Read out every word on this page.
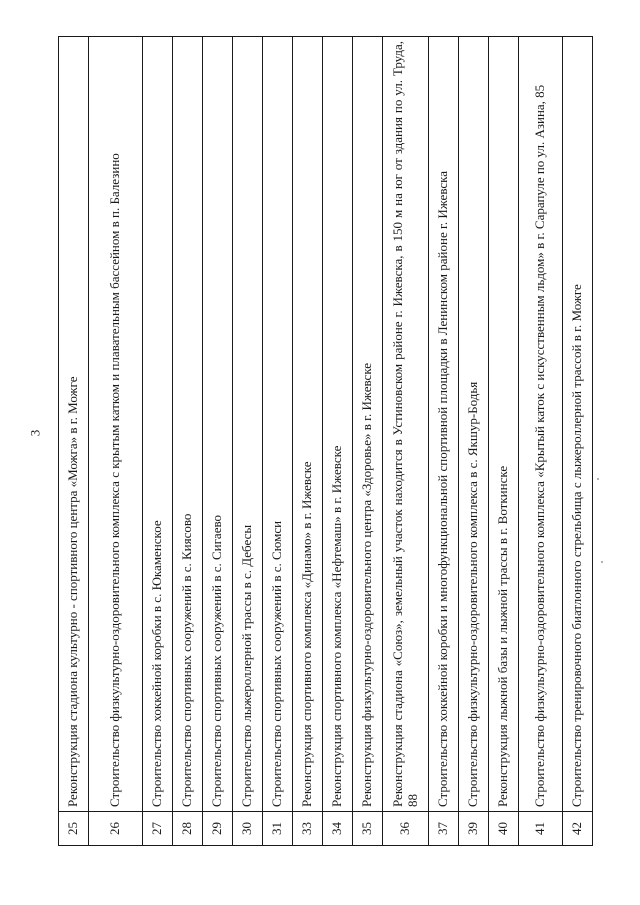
3
25	Реконструкция стадиона культурно - спортивного центра «Можга» в г. Можге
26	Строительство физкультурно-оздоровительного комплекса с крытым катком и плавательным бассейном в п. Балезино
27	Строительство хоккейной коробки в с. Юкаменское
28	Строительство спортивных сооружений в с. Киясово
29	Строительство спортивных сооружений в с. Сигаево
30	Строительство лыжероллерной трассы в с. Дебесы
31	Строительство спортивных сооружений в с. Сюмси
33	Реконструкция спортивного комплекса «Динамо» в г. Ижевске
34	Реконструкция спортивного комплекса «Нефтемаш» в г. Ижевске
35	Реконструкция физкультурно-оздоровительного центра «Здоровье» в г. Ижевске
36	Реконструкция стадиона «Союз», земельный участок находится в Устиновском районе г. Ижевска, в 150 м на юг от здания по ул. Труда, 88
37	Строительство хоккейной коробки и многофункциональной спортивной площадки в Ленинском районе г. Ижевска
39	Строительство физкультурно-оздоровительного комплекса в с. Якшур-Бодья
40	Реконструкция лыжной базы и лыжной трассы в г. Воткинске
41	Строительство физкультурно-оздоровительного комплекса «Крытый каток с искусственным льдом» в г. Сарапуле по ул. Азина, 85
42	Строительство тренировочного биатлонного стрельбища с лыжероллерной трассой в г. Можге
